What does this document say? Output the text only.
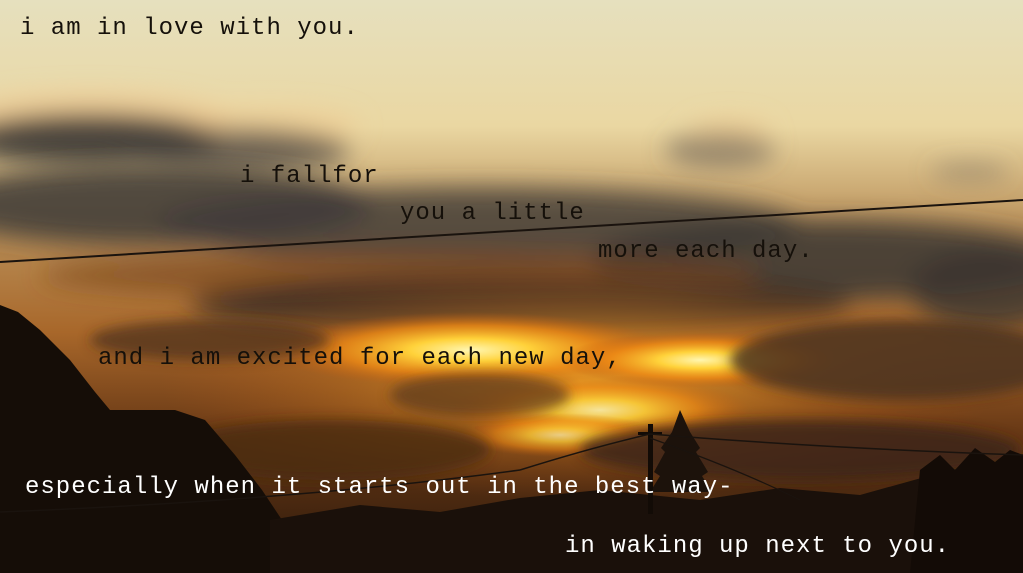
i am in love with you.

i fallfor

you a little

more each day.

and i am excited for each new day,

especially when it starts out in the best way-

in waking up next to you.
